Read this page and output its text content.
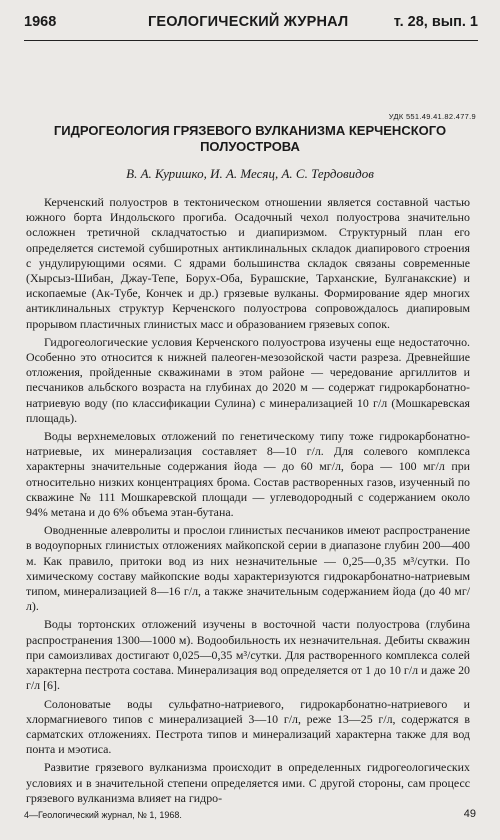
1968	ГЕОЛОГИЧЕСКИЙ ЖУРНАЛ	т. 28, вып. 1
УДК 551.49.41.82.477.9
ГИДРОГЕОЛОГИЯ ГРЯЗЕВОГО ВУЛКАНИЗМА КЕРЧЕНСКОГО ПОЛУОСТРОВА
В. А. Куришко, И. А. Месяц, А. С. Тердовидов

Керченский полуостров в тектоническом отношении является составной частью южного борта Индольского прогиба. Осадочный чехол полуострова значительно осложнен третичной складчатостью и диапиризмом. Структурный план его определяется системой субширотных антиклинальных складок диапирового строения с ундулирующими осями. С ядрами большинства складок связаны современные (Хырсыз-Шибан, Джау-Тепе, Борух-Оба, Бурашские, Тарханские, Булганакские) и ископаемые (Ак-Тубе, Кончек и др.) грязевые вулканы. Формирование ядер многих антиклинальных структур Керченского полуострова сопровождалось диапировым прорывом пластичных глинистых масс и образованием грязевых сопок.

Гидрогеологические условия Керченского полуострова изучены еще недостаточно. Особенно это относится к нижней палеоген-мезозойской части разреза. Древнейшие отложения, пройденные скважинами в этом районе — чередование аргиллитов и песчаников альбского возраста на глубинах до 2020 м — содержат гидрокарбонатно-натриевую воду (по классификации Сулина) с минерализацией 10 г/л (Мошкаревская площадь).

Воды верхнемеловых отложений по генетическому типу тоже гидрокарбонатно-натриевые, их минерализация составляет 8—10 г/л. Для солевого комплекса характерны значительные содержания йода — до 60 мг/л, бора — 100 мг/л при относительно низких концентрациях брома. Состав растворенных газов, изученный по скважине № 111 Мошкаревской площади — углеводородный с содержанием около 94% метана и до 6% объема этан-бутана.

Оводненные алевролиты и прослои глинистых песчаников имеют распространение в водоупорных глинистых отложениях майкопской серии в диапазоне глубин 200—400 м. Как правило, притоки вод из них незначительные — 0,25—0,35 м³/сутки. По химическому составу майкопские воды характеризуются гидрокарбонатно-натриевым типом, минерализацией 8—16 г/л, а также значительным содержанием йода (до 40 мг/л).

Воды тортонских отложений изучены в восточной части полуострова (глубина распространения 1300—1000 м). Водообильность их незначительная. Дебиты скважин при самоизливах достигают 0,025—0,35 м³/сутки. Для растворенного комплекса солей характерна пестрота состава. Минерализация вод определяется от 1 до 10 г/л и даже 20 г/л [6].

Солоноватые воды сульфатно-натриевого, гидрокарбонатно-натриевого и хлормагниевого типов с минерализацией 3—10 г/л, реже 13—25 г/л, содержатся в сарматских отложениях. Пестрота типов и минерализаций характерна также для вод понта и мэотиса.

Развитие грязевого вулканизма происходит в определенных гидрогеологических условиях и в значительной степени определяется ими. С другой стороны, сам процесс грязевого вулканизма влияет на гидро-

4—Геологический журнал, № 1, 1968.	49
